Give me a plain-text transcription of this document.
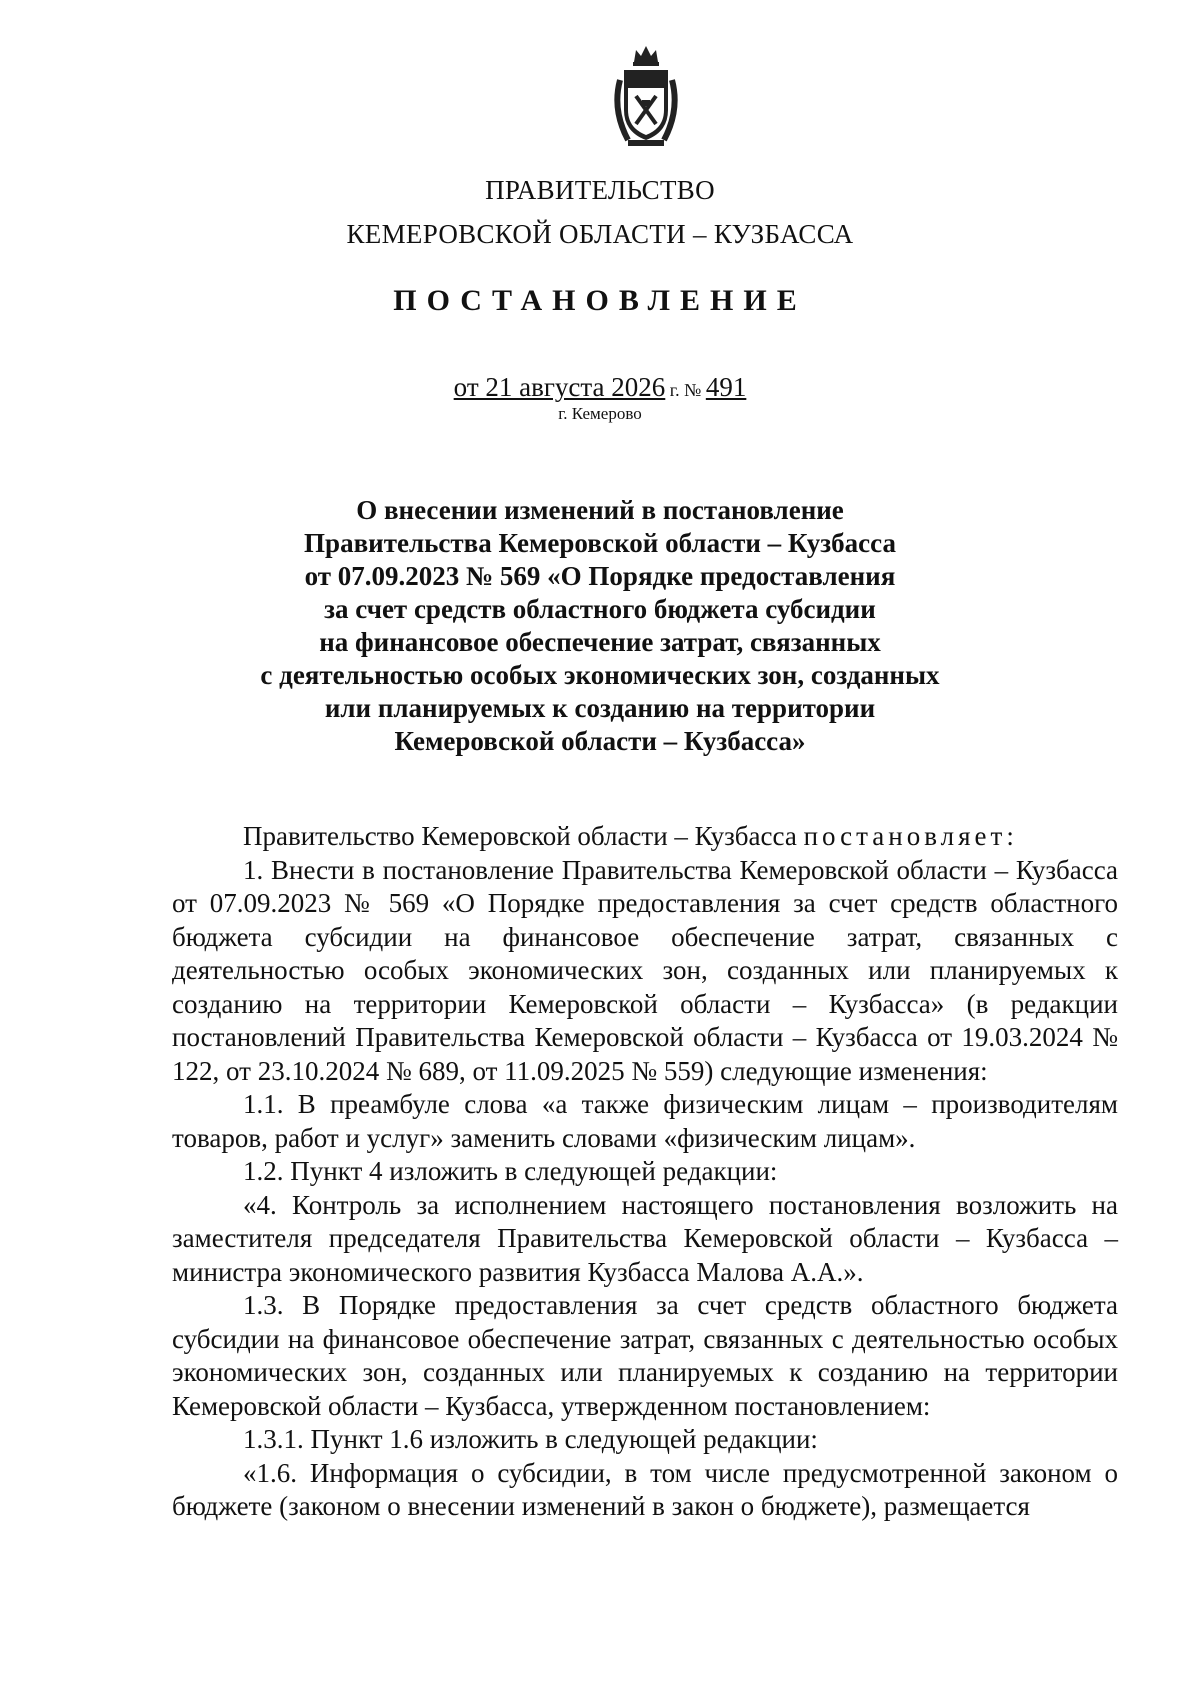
ПРАВИТЕЛЬСТВО
КЕМЕРОВСКОЙ ОБЛАСТИ – КУЗБАССА
ПОСТАНОВЛЕНИЕ
от 21 августа 2026 г. № 491
г. Кемерово
О внесении изменений в постановление
Правительства Кемеровской области – Кузбасса
от 07.09.2023 № 569 «О Порядке предоставления
за счет средств областного бюджета субсидии
на финансовое обеспечение затрат, связанных
с деятельностью особых экономических зон, созданных
или планируемых к созданию на территории
Кемеровской области – Кузбасса»

Правительство Кемеровской области – Кузбасса постановляет:

1. Внести в постановление Правительства Кемеровской области – Кузбасса от 07.09.2023 № 569 «О Порядке предоставления за счет средств областного бюджета субсидии на финансовое обеспечение затрат, связанных с деятельностью особых экономических зон, созданных или планируемых к созданию на территории Кемеровской области – Кузбасса» (в редакции постановлений Правительства Кемеровской области – Кузбасса от 19.03.2024 № 122, от 23.10.2024 № 689, от 11.09.2025 № 559) следующие изменения:

1.1. В преамбуле слова «а также физическим лицам – производителям товаров, работ и услуг» заменить словами «физическим лицам».

1.2. Пункт 4 изложить в следующей редакции:

«4. Контроль за исполнением настоящего постановления возложить на заместителя председателя Правительства Кемеровской области – Кузбасса – министра экономического развития Кузбасса Малова А.А.».

1.3. В Порядке предоставления за счет средств областного бюджета субсидии на финансовое обеспечение затрат, связанных с деятельностью особых экономических зон, созданных или планируемых к созданию на территории Кемеровской области – Кузбасса, утвержденном постановлением:

1.3.1. Пункт 1.6 изложить в следующей редакции:

«1.6. Информация о субсидии, в том числе предусмотренной законом о бюджете (законом о внесении изменений в закон о бюджете), размещается
